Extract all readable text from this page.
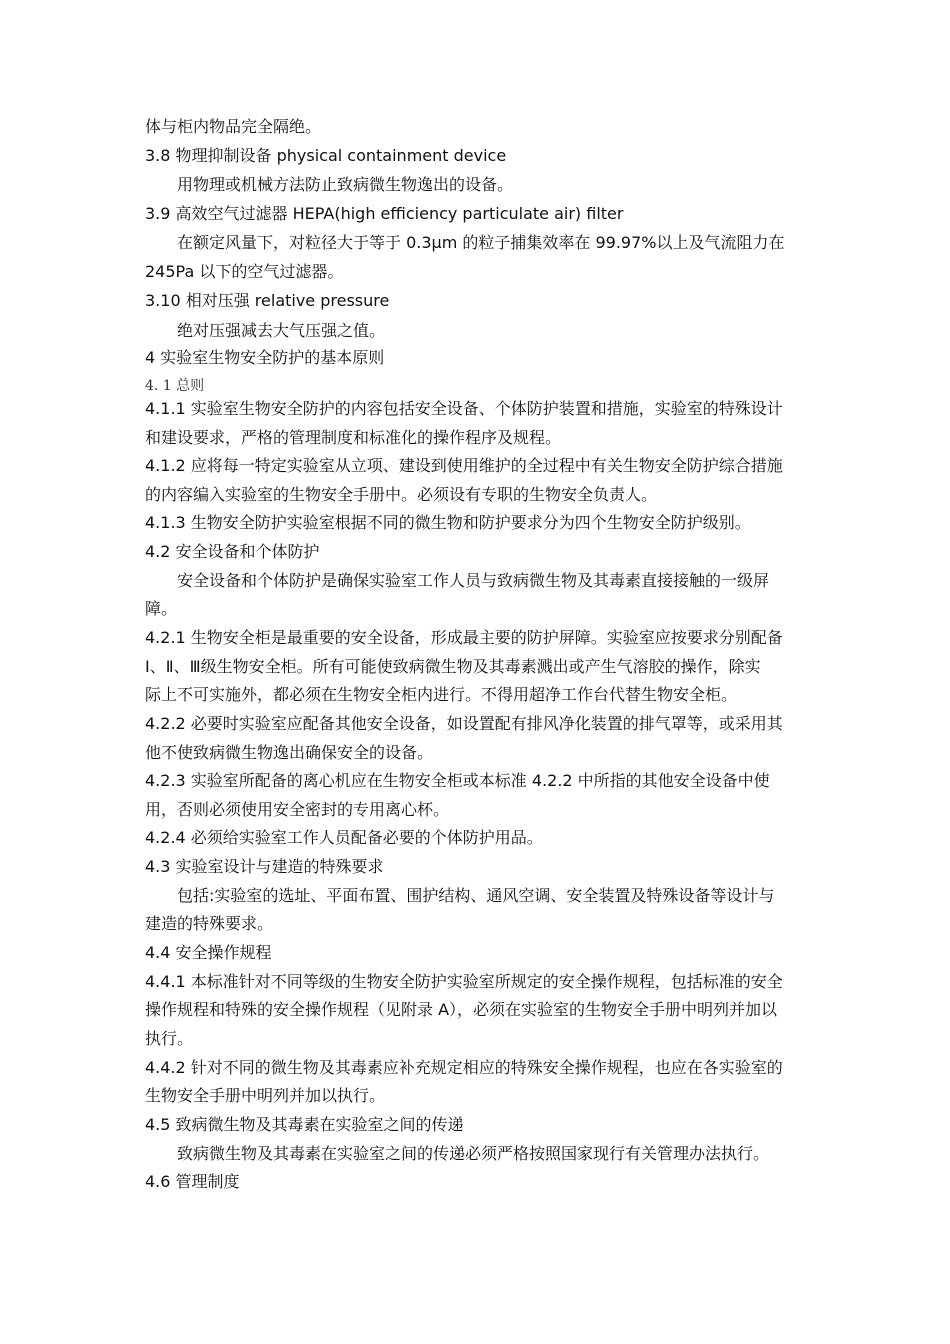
体与柜内物品完全隔绝。
3.8 物理抑制设备 physical containment device
用物理或机械方法防止致病微生物逸出的设备。
3.9 高效空气过滤器 HEPA(high efficiency particulate air) filter
在额定风量下，对粒径大于等于 0.3μm 的粒子捕集效率在 99.97%以上及气流阻力在
245Pa 以下的空气过滤器。
3.10 相对压强 relative pressure
绝对压强减去大气压强之值。
4 实验室生物安全防护的基本原则
4. 1 总则
4.1.1 实验室生物安全防护的内容包括安全设备、个体防护装置和措施，实验室的特殊设计
和建设要求，严格的管理制度和标准化的操作程序及规程。
4.1.2 应将每一特定实验室从立项、建设到使用维护的全过程中有关生物安全防护综合措施
的内容编入实验室的生物安全手册中。必须设有专职的生物安全负责人。
4.1.3 生物安全防护实验室根据不同的微生物和防护要求分为四个生物安全防护级别。
4.2 安全设备和个体防护
安全设备和个体防护是确保实验室工作人员与致病微生物及其毒素直接接触的一级屏
障。
4.2.1 生物安全柜是最重要的安全设备，形成最主要的防护屏障。实验室应按要求分别配备
Ⅰ、Ⅱ、Ⅲ级生物安全柜。所有可能使致病微生物及其毒素溅出或产生气溶胶的操作，除实
际上不可实施外，都必须在生物安全柜内进行。不得用超净工作台代替生物安全柜。
4.2.2 必要时实验室应配备其他安全设备，如设置配有排风净化装置的排气罩等，或采用其
他不使致病微生物逸出确保安全的设备。
4.2.3 实验室所配备的离心机应在生物安全柜或本标准 4.2.2 中所指的其他安全设备中使
用，否则必须使用安全密封的专用离心杯。
4.2.4 必须给实验室工作人员配备必要的个体防护用品。
4.3 实验室设计与建造的特殊要求
包括:实验室的选址、平面布置、围护结构、通风空调、安全装置及特殊设备等设计与
建造的特殊要求。
4.4 安全操作规程
4.4.1 本标准针对不同等级的生物安全防护实验室所规定的安全操作规程，包括标准的安全
操作规程和特殊的安全操作规程（见附录 A），必须在实验室的生物安全手册中明列并加以
执行。
4.4.2 针对不同的微生物及其毒素应补充规定相应的特殊安全操作规程，也应在各实验室的
生物安全手册中明列并加以执行。
4.5 致病微生物及其毒素在实验室之间的传递
致病微生物及其毒素在实验室之间的传递必须严格按照国家现行有关管理办法执行。
4.6 管理制度
